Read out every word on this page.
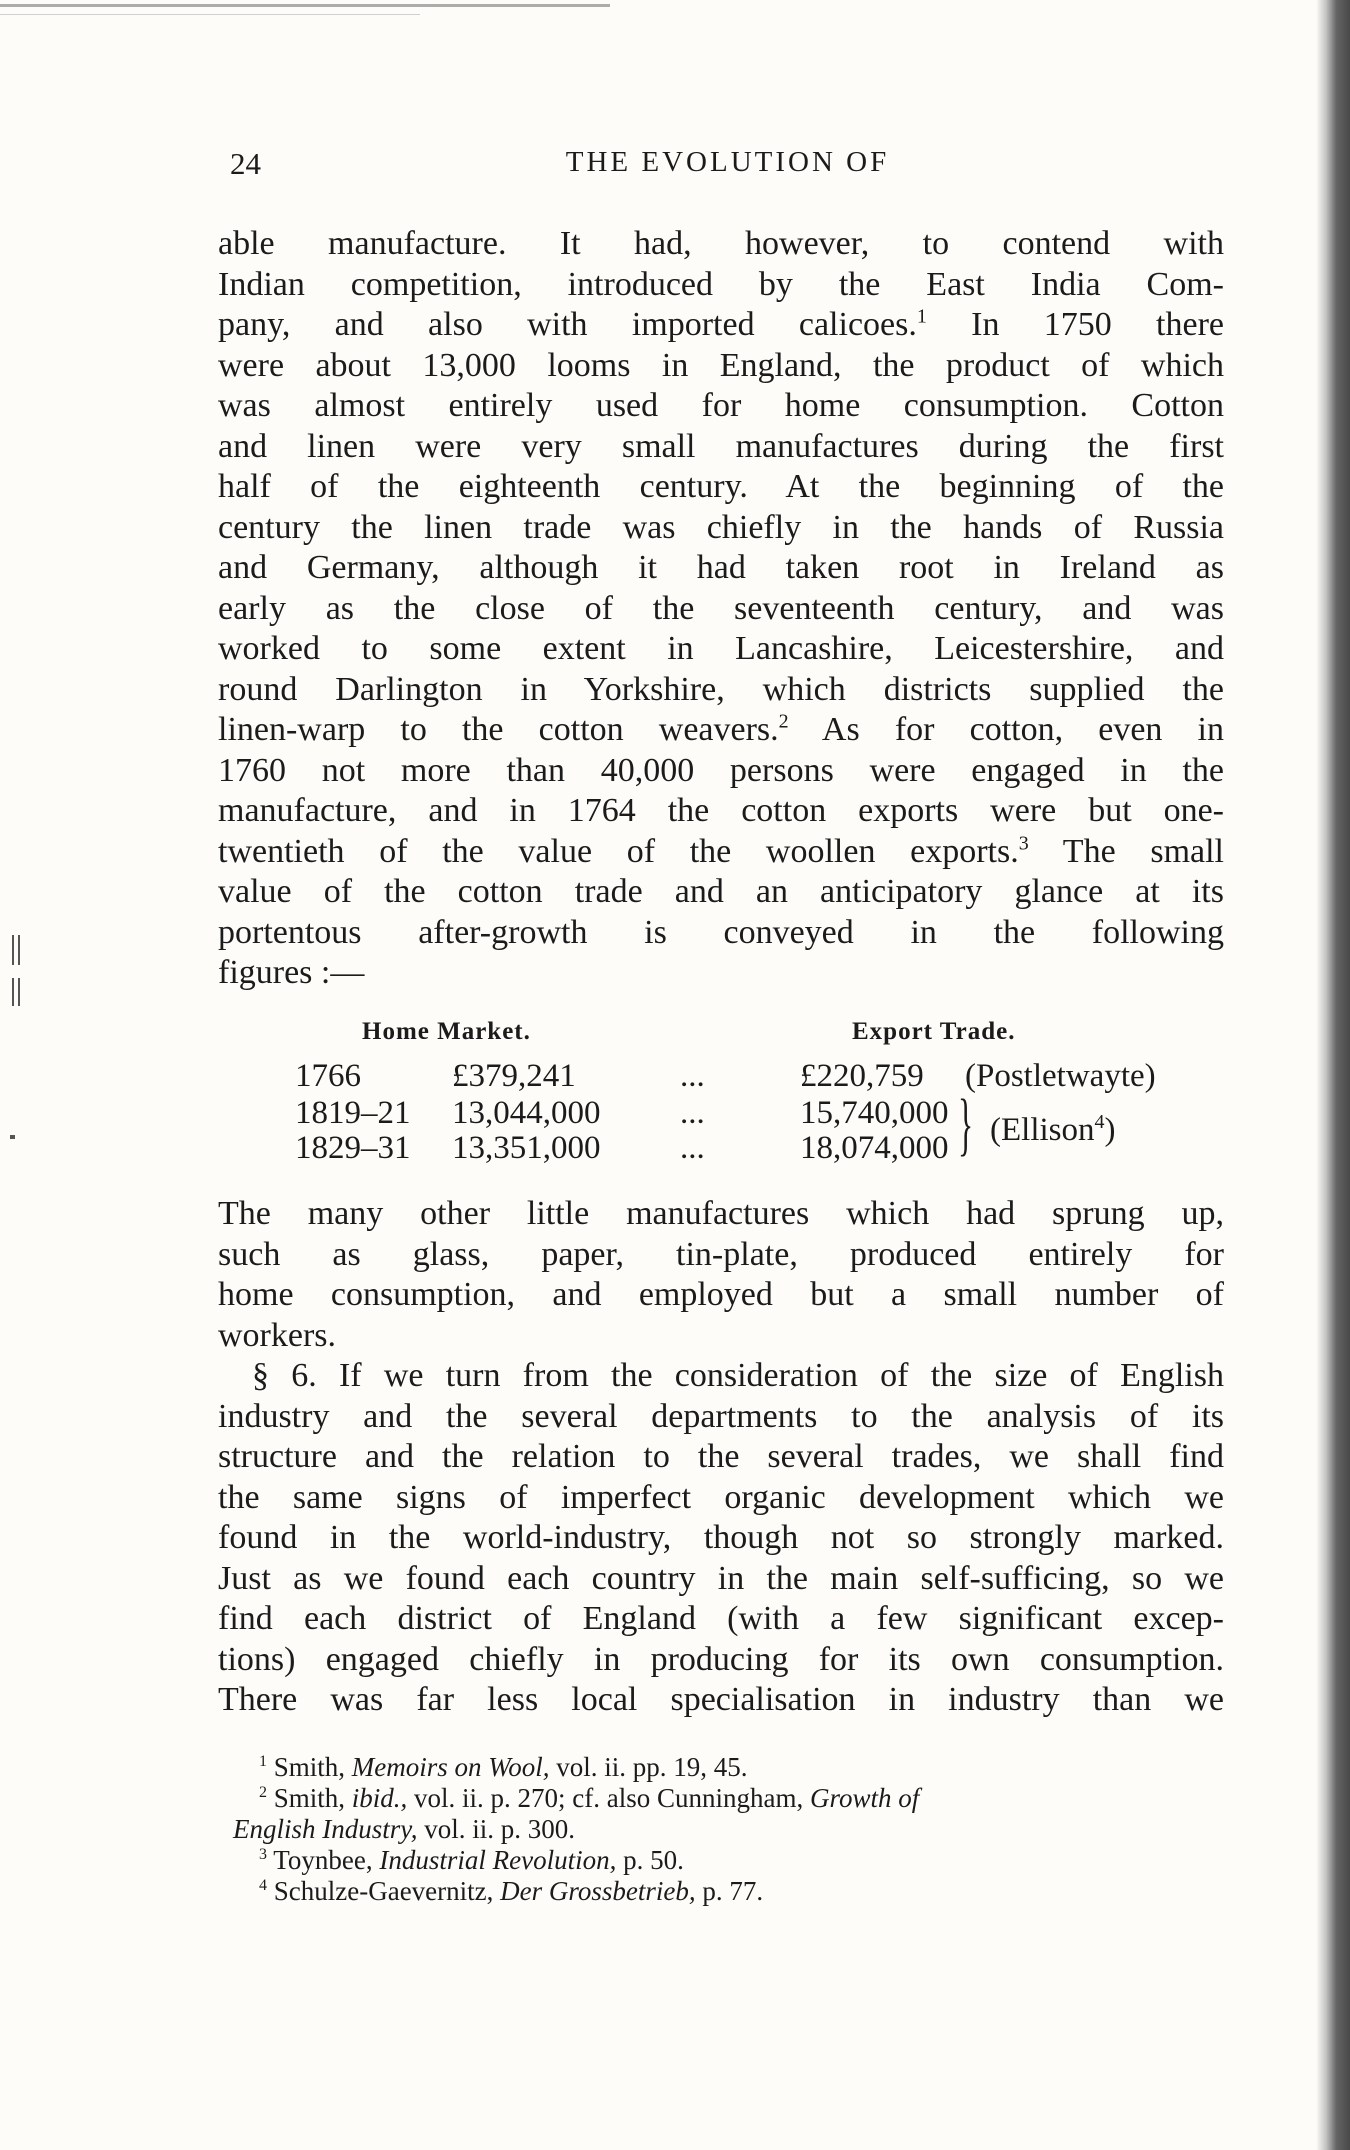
24	THE EVOLUTION OF
able manufacture. It had, however, to contend with
Indian competition, introduced by the East India Com-
pany, and also with imported calicoes.$^1$ In 1750 there
were about 13,000 looms in England, the product of which
was almost entirely used for home consumption. Cotton
and linen were very small manufactures during the first
half of the eighteenth century. At the beginning of the
century the linen trade was chiefly in the hands of Russia
and Germany, although it had taken root in Ireland as
early as the close of the seventeenth century, and was
worked to some extent in Lancashire, Leicestershire, and
round Darlington in Yorkshire, which districts supplied the
linen-warp to the cotton weavers.$^2$ As for cotton, even in
1760 not more than 40,000 persons were engaged in the
manufacture, and in 1764 the cotton exports were but one-
twentieth of the value of the woollen exports.$^3$ The small
value of the cotton trade and an anticipatory glance at its
portentous after-growth is conveyed in the following
figures :—
Home Market.	Export Trade.
1766	£379,241	...	£220,759 (Postletwayte)
1819–21 13,044,000 ...	15,740,000
1829–31 13,351,000 ...	18,074,000 } (Ellison$^4$)
The many other little manufactures which had sprung up,
such as glass, paper, tin-plate, produced entirely for
home consumption, and employed but a small number of
workers.
§ 6. If we turn from the consideration of the size of English
industry and the several departments to the analysis of its
structure and the relation to the several trades, we shall find
the same signs of imperfect organic development which we
found in the world-industry, though not so strongly marked.
Just as we found each country in the main self-sufficing, so we
find each district of England (with a few significant excep-
tions) engaged chiefly in producing for its own consumption.
There was far less local specialisation in industry than we
$^1$ Smith, Memoirs on Wool, vol. ii. pp. 19, 45.
$^2$ Smith, ibid., vol. ii. p. 270; cf. also Cunningham, Growth of
English Industry, vol. ii. p. 300.
$^3$ Toynbee, Industrial Revolution, p. 50.
$^4$ Schulze-Gaevernitz, Der Grossbetrieb, p. 77.
